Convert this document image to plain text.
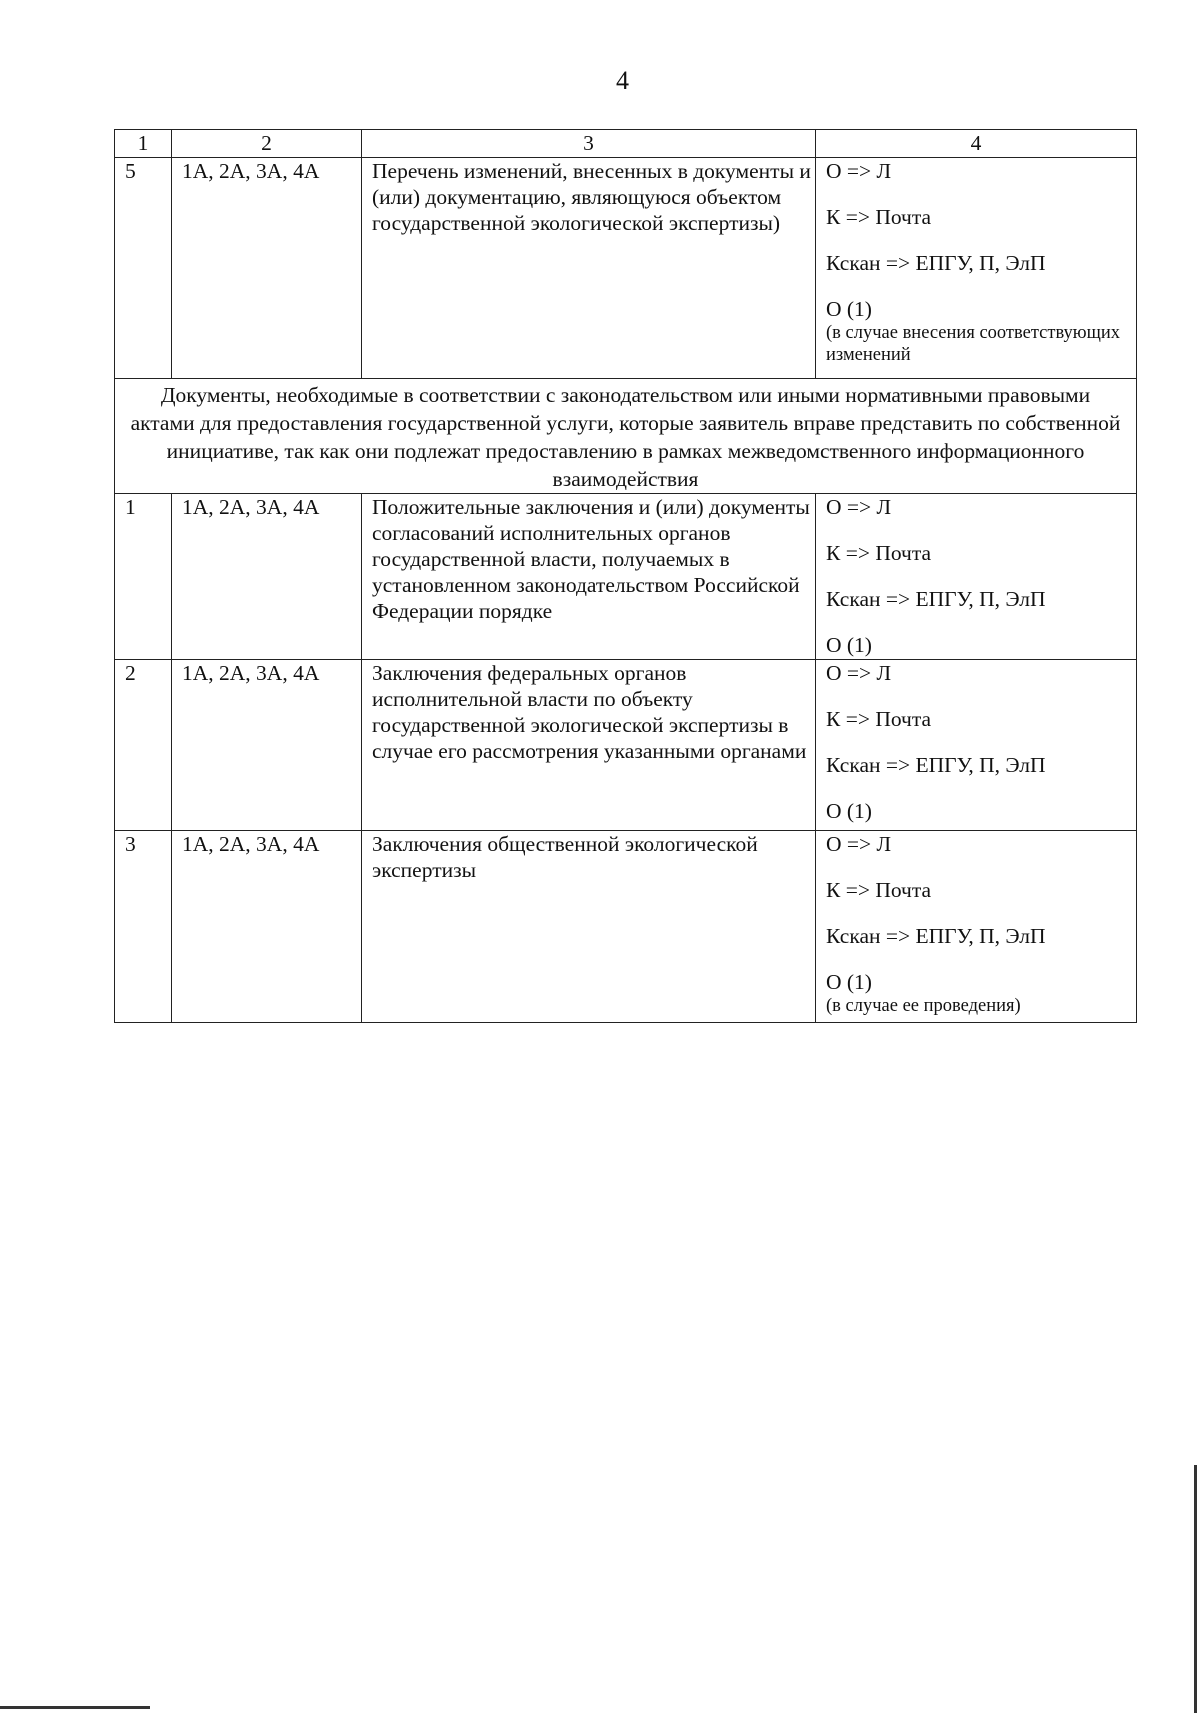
4
1	2	3	4
5	1А, 2А, 3А, 4А	Перечень изменений, внесенных в документы и (или) документацию, являющуюся объектом государственной экологической экспертизы)	О => Л
К => Почта
Кскан => ЕПГУ, П, ЭлП
О (1)
(в случае внесения соответствующих изменений

Документы, необходимые в соответствии с законодательством или иными нормативными правовыми актами для предоставления государственной услуги, которые заявитель вправе представить по собственной инициативе, так как они подлежат предоставлению в рамках межведомственного информационного взаимодействия			
1	1А, 2А, 3А, 4А	Положительные заключения и (или) документы согласований исполнительных органов государственной власти, получаемых в установленном законодательством Российской Федерации порядке	О => Л
К => Почта
Кскан => ЕПГУ, П, ЭлП
О (1)

2	1А, 2А, 3А, 4А	Заключения федеральных органов исполнительной власти по объекту государственной экологической экспертизы в случае его рассмотрения указанными органами	О => Л
К => Почта
Кскан => ЕПГУ, П, ЭлП
О (1)

3	1А, 2А, 3А, 4А	Заключения общественной экологической экспертизы	О => Л
К => Почта
Кскан => ЕПГУ, П, ЭлП
О (1)
(в случае ее проведения)
